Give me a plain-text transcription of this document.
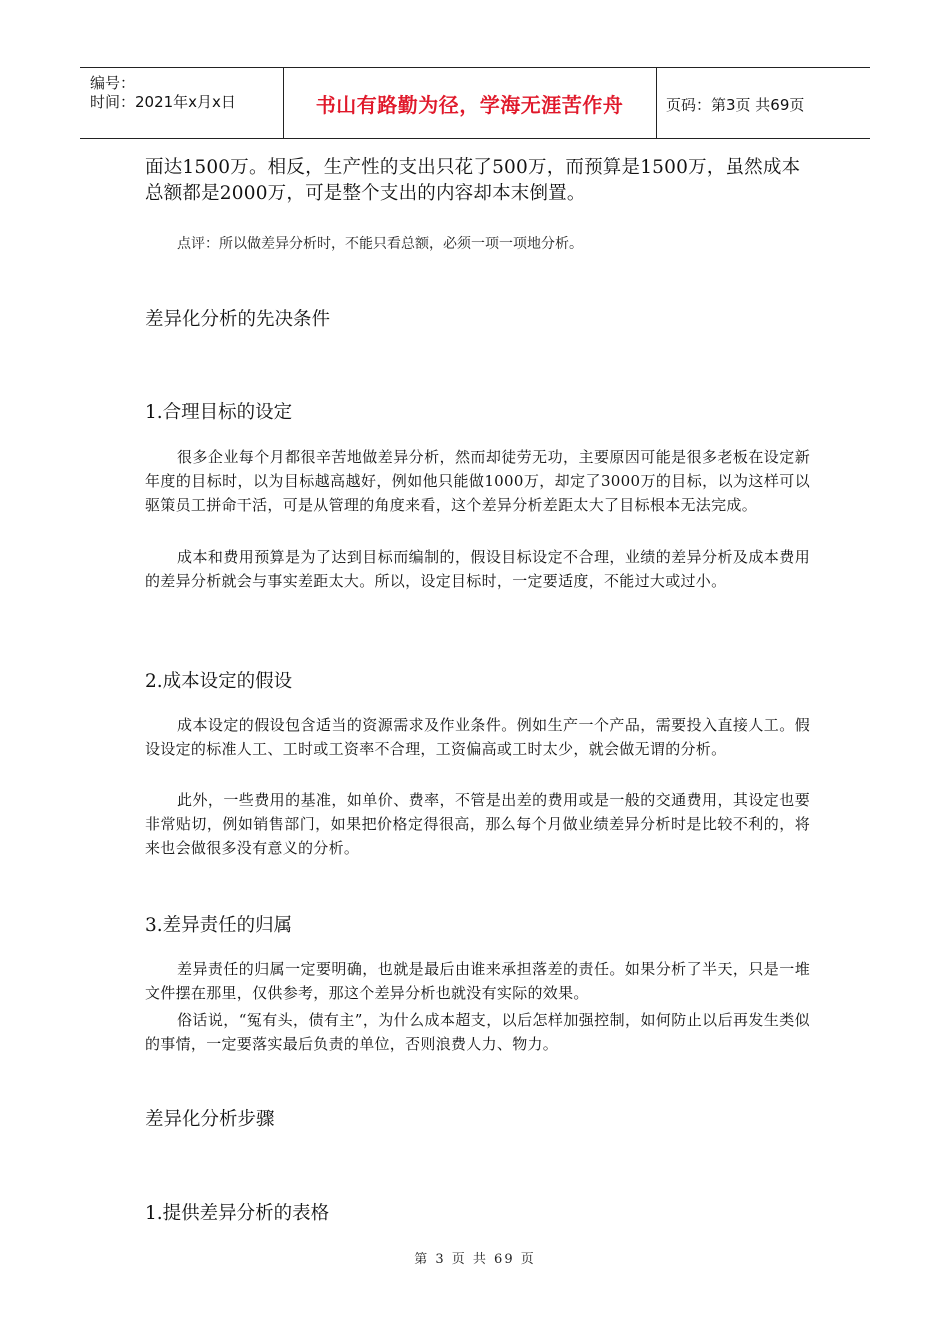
编号：
时间：2021年x月x日	书山有路勤为径，学海无涯苦作舟	页码：第3页 共69页

面达1500万。相反，生产性的支出只花了500万，而预算是1500万，虽然成本总额都是2000万，可是整个支出的内容却本末倒置。

点评：所以做差异分析时，不能只看总额，必须一项一项地分析。

差异化分析的先决条件
1.合理目标的设定

很多企业每个月都很辛苦地做差异分析，然而却徒劳无功，主要原因可能是很多老板在设定新年度的目标时，以为目标越高越好，例如他只能做1000万，却定了3000万的目标，以为这样可以驱策员工拼命干活，可是从管理的角度来看，这个差异分析差距太大了目标根本无法完成。

成本和费用预算是为了达到目标而编制的，假设目标设定不合理，业绩的差异分析及成本费用的差异分析就会与事实差距太大。所以，设定目标时，一定要适度，不能过大或过小。

2.成本设定的假设

成本设定的假设包含适当的资源需求及作业条件。例如生产一个产品，需要投入直接人工。假设设定的标准人工、工时或工资率不合理，工资偏高或工时太少，就会做无谓的分析。

此外，一些费用的基准，如单价、费率，不管是出差的费用或是一般的交通费用，其设定也要非常贴切，例如销售部门，如果把价格定得很高，那么每个月做业绩差异分析时是比较不利的，将来也会做很多没有意义的分析。

3.差异责任的归属

差异责任的归属一定要明确，也就是最后由谁来承担落差的责任。如果分析了半天，只是一堆文件摆在那里，仅供参考，那这个差异分析也就没有实际的效果。

俗话说，“冤有头，债有主”，为什么成本超支，以后怎样加强控制，如何防止以后再发生类似的事情，一定要落实最后负责的单位，否则浪费人力、物力。

差异化分析步骤
1.提供差异分析的表格
第 3 页 共 69 页
